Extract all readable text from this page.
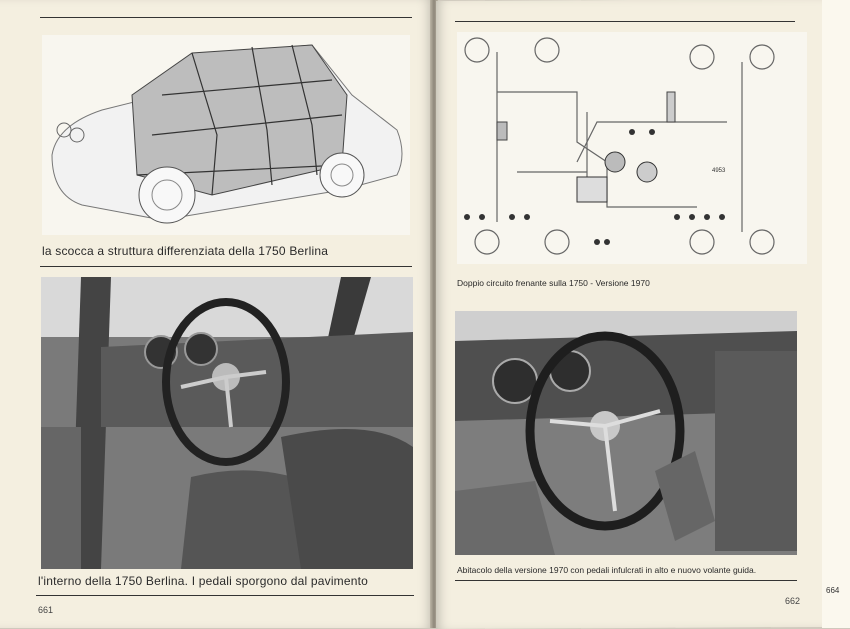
la scocca a struttura differenziata della 1750 Berlina
l'interno della 1750 Berlina. I pedali sporgono dal pavimento
661
4953
Doppio circuito frenante sulla 1750 - Versione 1970
Abitacolo della versione 1970 con pedali infulcrati in alto e nuovo volante guida.
662
664
